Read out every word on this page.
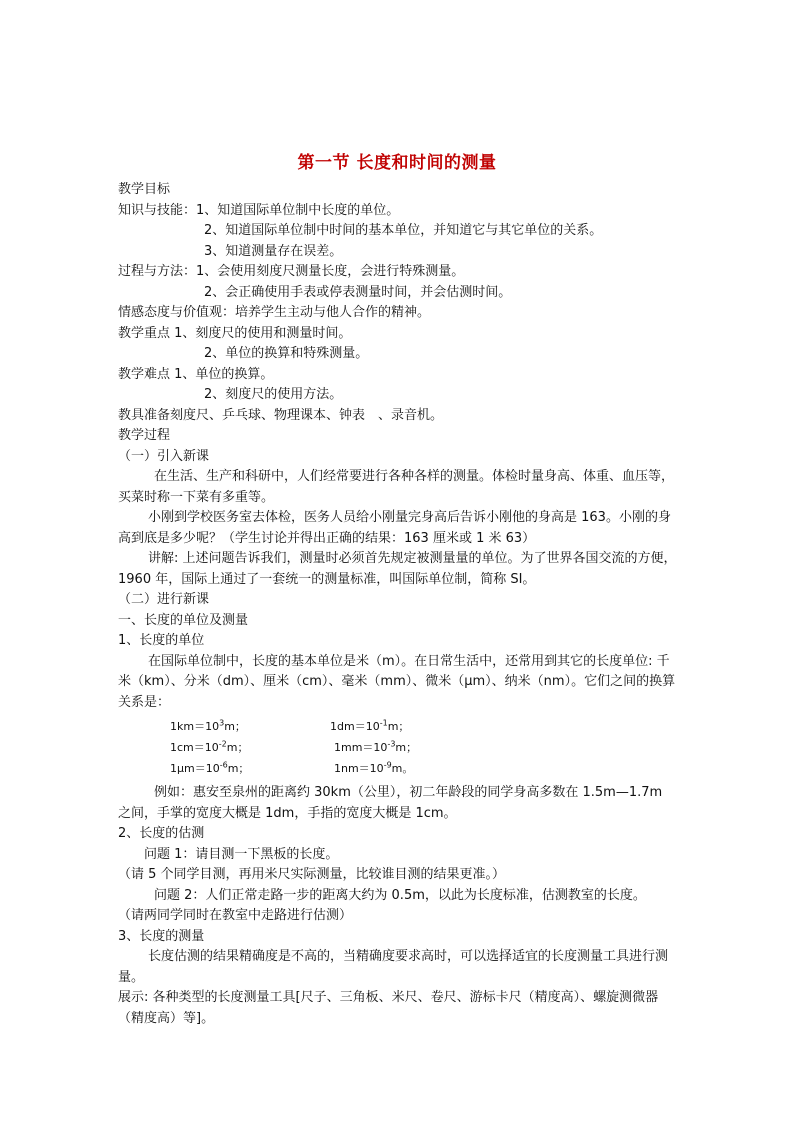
第一节 长度和时间的测量
教学目标
知识与技能：1、知道国际单位制中长度的单位。
2、知道国际单位制中时间的基本单位，并知道它与其它单位的关系。
3、知道测量存在误差。
过程与方法：1、会使用刻度尺测量长度，会进行特殊测量。
2、会正确使用手表或停表测量时间，并会估测时间。
情感态度与价值观：培养学生主动与他人合作的精神。
教学重点 1、刻度尺的使用和测量时间。
2、单位的换算和特殊测量。
教学难点 1、单位的换算。
2、刻度尺的使用方法。
教具准备刻度尺、乒乓球、物理课本、钟表　、录音机。
教学过程
（一）引入新课
在生活、生产和科研中，人们经常要进行各种各样的测量。体检时量身高、体重、血压等，买菜时称一下菜有多重等。
小刚到学校医务室去体检，医务人员给小刚量完身高后告诉小刚他的身高是 163。小刚的身高到底是多少呢？（学生讨论并得出正确的结果：163 厘米或 1 米 63）
讲解: 上述问题告诉我们，测量时必须首先规定被测量量的单位。为了世界各国交流的方便，1960 年，国际上通过了一套统一的测量标准，叫国际单位制，简称 SI。
（二）进行新课
一、长度的单位及测量
1、长度的单位
在国际单位制中，长度的基本单位是米（m）。在日常生活中，还常用到其它的长度单位: 千米（km）、分米（dm）、厘米（cm）、毫米（mm）、微米（μm）、纳米（nm）。它们之间的换算关系是：
$1km=10^3m$；	$1dm=10^{-1}m$；
$1cm=10^{-2}m$；	$1mm=10^{-3}m$；
$1\mu m=10^{-6}m$；	$1nm=10^{-9}m$。
例如：惠安至泉州的距离约 30km（公里），初二年龄段的同学身高多数在 1.5m—1.7m 之间，手掌的宽度大概是 1dm，手指的宽度大概是 1cm。
2、长度的估测
问题 1：请目测一下黑板的长度。
（请 5 个同学目测，再用米尺实际测量，比较谁目测的结果更准。）
问题 2：人们正常走路一步的距离大约为 0.5m，以此为长度标准，估测教室的长度。
（请两同学同时在教室中走路进行估测）
3、长度的测量
长度估测的结果精确度是不高的，当精确度要求高时，可以选择适宜的长度测量工具进行测量。
展示: 各种类型的长度测量工具[尺子、三角板、米尺、卷尺、游标卡尺（精度高）、螺旋测微器（精度高）等]。
